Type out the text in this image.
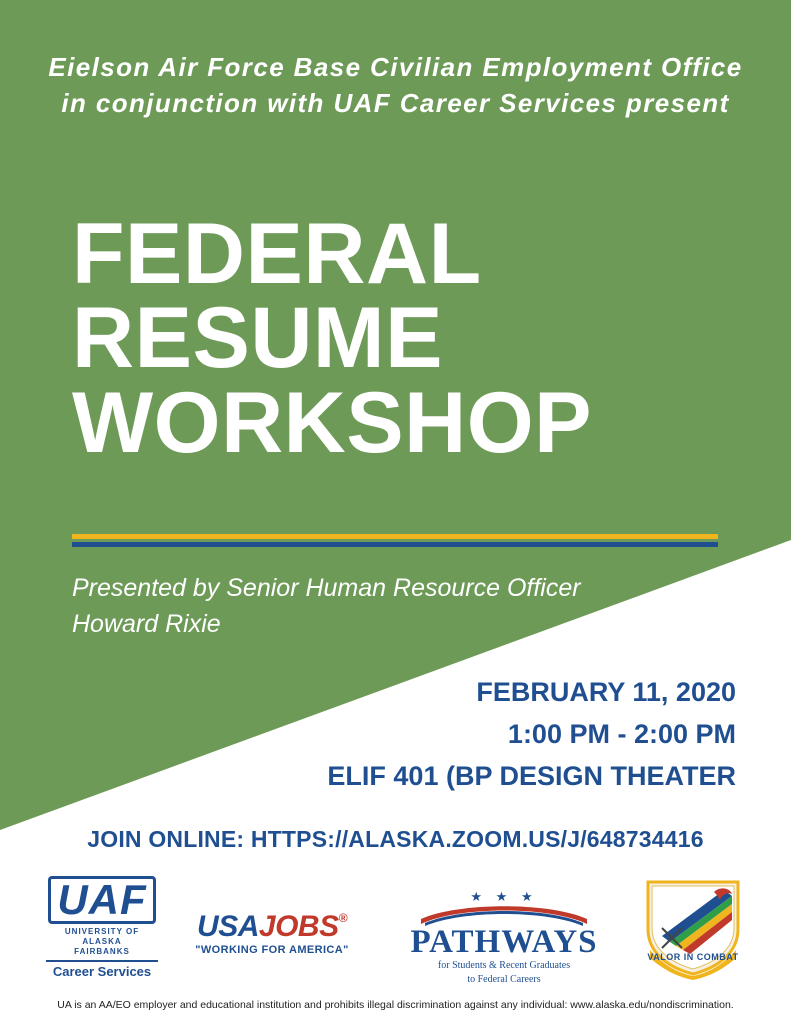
Eielson Air Force Base Civilian Employment Office in conjunction with UAF Career Services present
FEDERAL
RESUME
WORKSHOP
Presented by Senior Human Resource Officer
Howard Rixie
FEBRUARY 11, 2020
1:00 PM - 2:00 PM
ELIF 401 (BP DESIGN THEATER
JOIN ONLINE: HTTPS://ALASKA.ZOOM.US/J/648734416
UAF
UNIVERSITY OF
ALASKA
FAIRBANKS
Career Services
USAJOBS®
"WORKING FOR AMERICA"
★ ★ ★
PATHWAYS
for Students & Recent Graduates
to Federal Careers
VALOR IN COMBAT
UA is an AA/EO employer and educational institution and prohibits illegal discrimination against any individual: www.alaska.edu/nondiscrimination.
